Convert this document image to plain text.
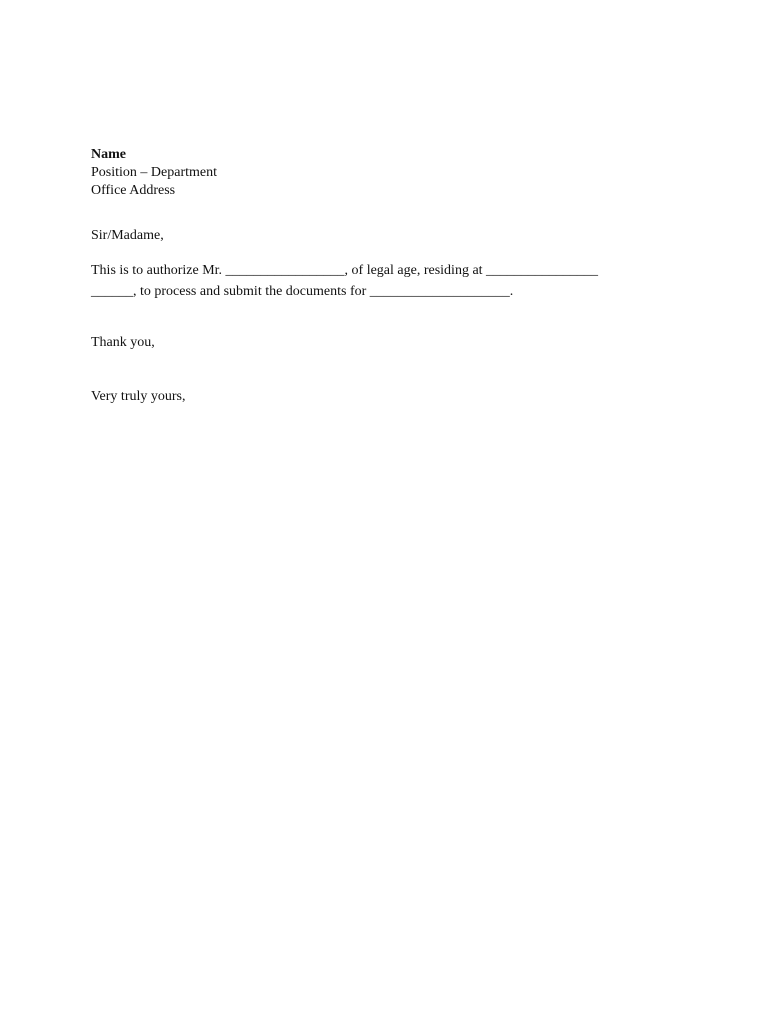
Name
Position – Department
Office Address
Sir/Madame,
This is to authorize Mr. _________________, of legal age, residing at ________________
______, to process and submit the documents for ____________________.
Thank you,
Very truly yours,
